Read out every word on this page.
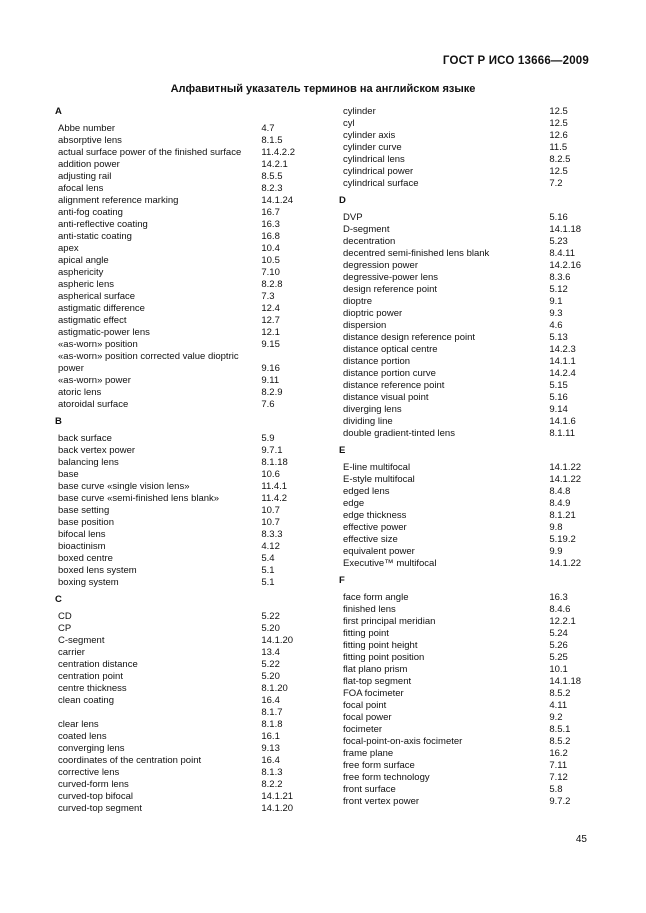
ГОСТ Р ИСО 13666—2009
Алфавитный указатель терминов на английском языке
A
Abbe number	4.7
absorptive lens	8.1.5
actual surface power of the finished surface	11.4.2.2
addition power	14.2.1
adjusting rail	8.5.5
afocal lens	8.2.3
alignment reference marking	14.1.24
anti-fog coating	16.7
anti-reflective coating	16.3
anti-static coating	16.8
apex	10.4
apical angle	10.5
asphericity	7.10
aspheric lens	8.2.8
aspherical surface	7.3
astigmatic difference	12.4
astigmatic effect	12.7
astigmatic-power lens	12.1
«as-worn» position	9.15
«as-worn» position corrected value dioptric
power	9.16
«as-worn» power	9.11
atoric lens	8.2.9
atoroidal surface	7.6
B
back surface	5.9
back vertex power	9.7.1
balancing lens	8.1.18
base	10.6
base curve «single vision lens»	11.4.1
base curve «semi-finished lens blank»	11.4.2
base setting	10.7
base position	10.7
bifocal lens	8.3.3
bioactinism	4.12
boxed centre	5.4
boxed lens system	5.1
boxing system	5.1
C
CD	5.22
CP	5.20
C-segment	14.1.20
carrier	13.4
centration distance	5.22
centration point	5.20
centre thickness	8.1.20
clean coating	16.4
8.1.7
clear lens	8.1.8
coated lens	16.1
converging lens	9.13
coordinates of the centration point	16.4
corrective lens	8.1.3
curved-form lens	8.2.2
curved-top bifocal	14.1.21
curved-top segment	14.1.20
cylinder	12.5
cyl	12.5
cylinder axis	12.6
cylinder curve	11.5
cylindrical lens	8.2.5
cylindrical power	12.5
cylindrical surface	7.2
D
DVP	5.16
D-segment	14.1.18
decentration	5.23
decentred semi-finished lens blank	8.4.11
degression power	14.2.16
degressive-power lens	8.3.6
design reference point	5.12
dioptre	9.1
dioptric power	9.3
dispersion	4.6
distance design reference point	5.13
distance optical centre	14.2.3
distance portion	14.1.1
distance portion curve	14.2.4
distance reference point	5.15
distance visual point	5.16
diverging lens	9.14
dividing line	14.1.6
double gradient-tinted lens	8.1.11
E
E-line multifocal	14.1.22
E-style multifocal	14.1.22
edged lens	8.4.8
edge	8.4.9
edge thickness	8.1.21
effective power	9.8
effective size	5.19.2
equivalent power	9.9
Executive™ multifocal	14.1.22
F
face form angle	16.3
finished lens	8.4.6
first principal meridian	12.2.1
fitting point	5.24
fitting point height	5.26
fitting point position	5.25
flat plano prism	10.1
flat-top segment	14.1.18
FOA focimeter	8.5.2
focal point	4.11
focal power	9.2
focimeter	8.5.1
focal-point-on-axis focimeter	8.5.2
frame plane	16.2
free form surface	7.11
free form technology	7.12
front surface	5.8
front vertex power	9.7.2
45
